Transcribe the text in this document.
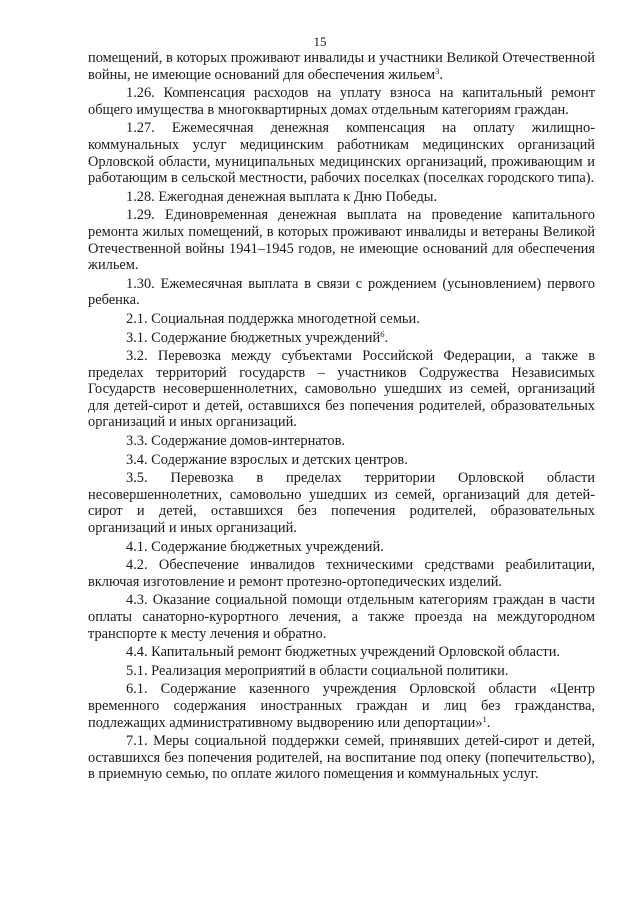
15

помещений, в которых проживают инвалиды и участники Великой Отечественной войны, не имеющие оснований для обеспечения жильем$^3$.

1.26. Компенсация расходов на уплату взноса на капитальный ремонт общего имущества в многоквартирных домах отдельным категориям граждан.

1.27. Ежемесячная денежная компенсация на оплату жилищно-коммунальных услуг медицинским работникам медицинских организаций Орловской области, муниципальных медицинских организаций, проживающим и работающим в сельской местности, рабочих поселках (поселках городского типа).

1.28. Ежегодная денежная выплата к Дню Победы.

1.29. Единовременная денежная выплата на проведение капитального ремонта жилых помещений, в которых проживают инвалиды и ветераны Великой Отечественной войны 1941–1945 годов, не имеющие оснований для обеспечения жильем.

1.30. Ежемесячная выплата в связи с рождением (усыновлением) первого ребенка.

2.1. Социальная поддержка многодетной семьи.

3.1. Содержание бюджетных учреждений$^6$.

3.2. Перевозка между субъектами Российской Федерации, а также в пределах территорий государств – участников Содружества Независимых Государств несовершеннолетних, самовольно ушедших из семей, организаций для детей-сирот и детей, оставшихся без попечения родителей, образовательных организаций и иных организаций.

3.3. Содержание домов-интернатов.

3.4. Содержание взрослых и детских центров.

3.5. Перевозка в пределах территории Орловской области несовершеннолетних, самовольно ушедших из семей, организаций для детей-сирот и детей, оставшихся без попечения родителей, образовательных организаций и иных организаций.

4.1. Содержание бюджетных учреждений.

4.2. Обеспечение инвалидов техническими средствами реабилитации, включая изготовление и ремонт протезно-ортопедических изделий.

4.3. Оказание социальной помощи отдельным категориям граждан в части оплаты санаторно-курортного лечения, а также проезда на междугородном транспорте к месту лечения и обратно.

4.4. Капитальный ремонт бюджетных учреждений Орловской области.

5.1. Реализация мероприятий в области социальной политики.

6.1. Содержание казенного учреждения Орловской области «Центр временного содержания иностранных граждан и лиц без гражданства, подлежащих административному выдворению или депортации»$^1$.

7.1. Меры социальной поддержки семей, принявших детей-сирот и детей, оставшихся без попечения родителей, на воспитание под опеку (попечительство), в приемную семью, по оплате жилого помещения и коммунальных услуг.
